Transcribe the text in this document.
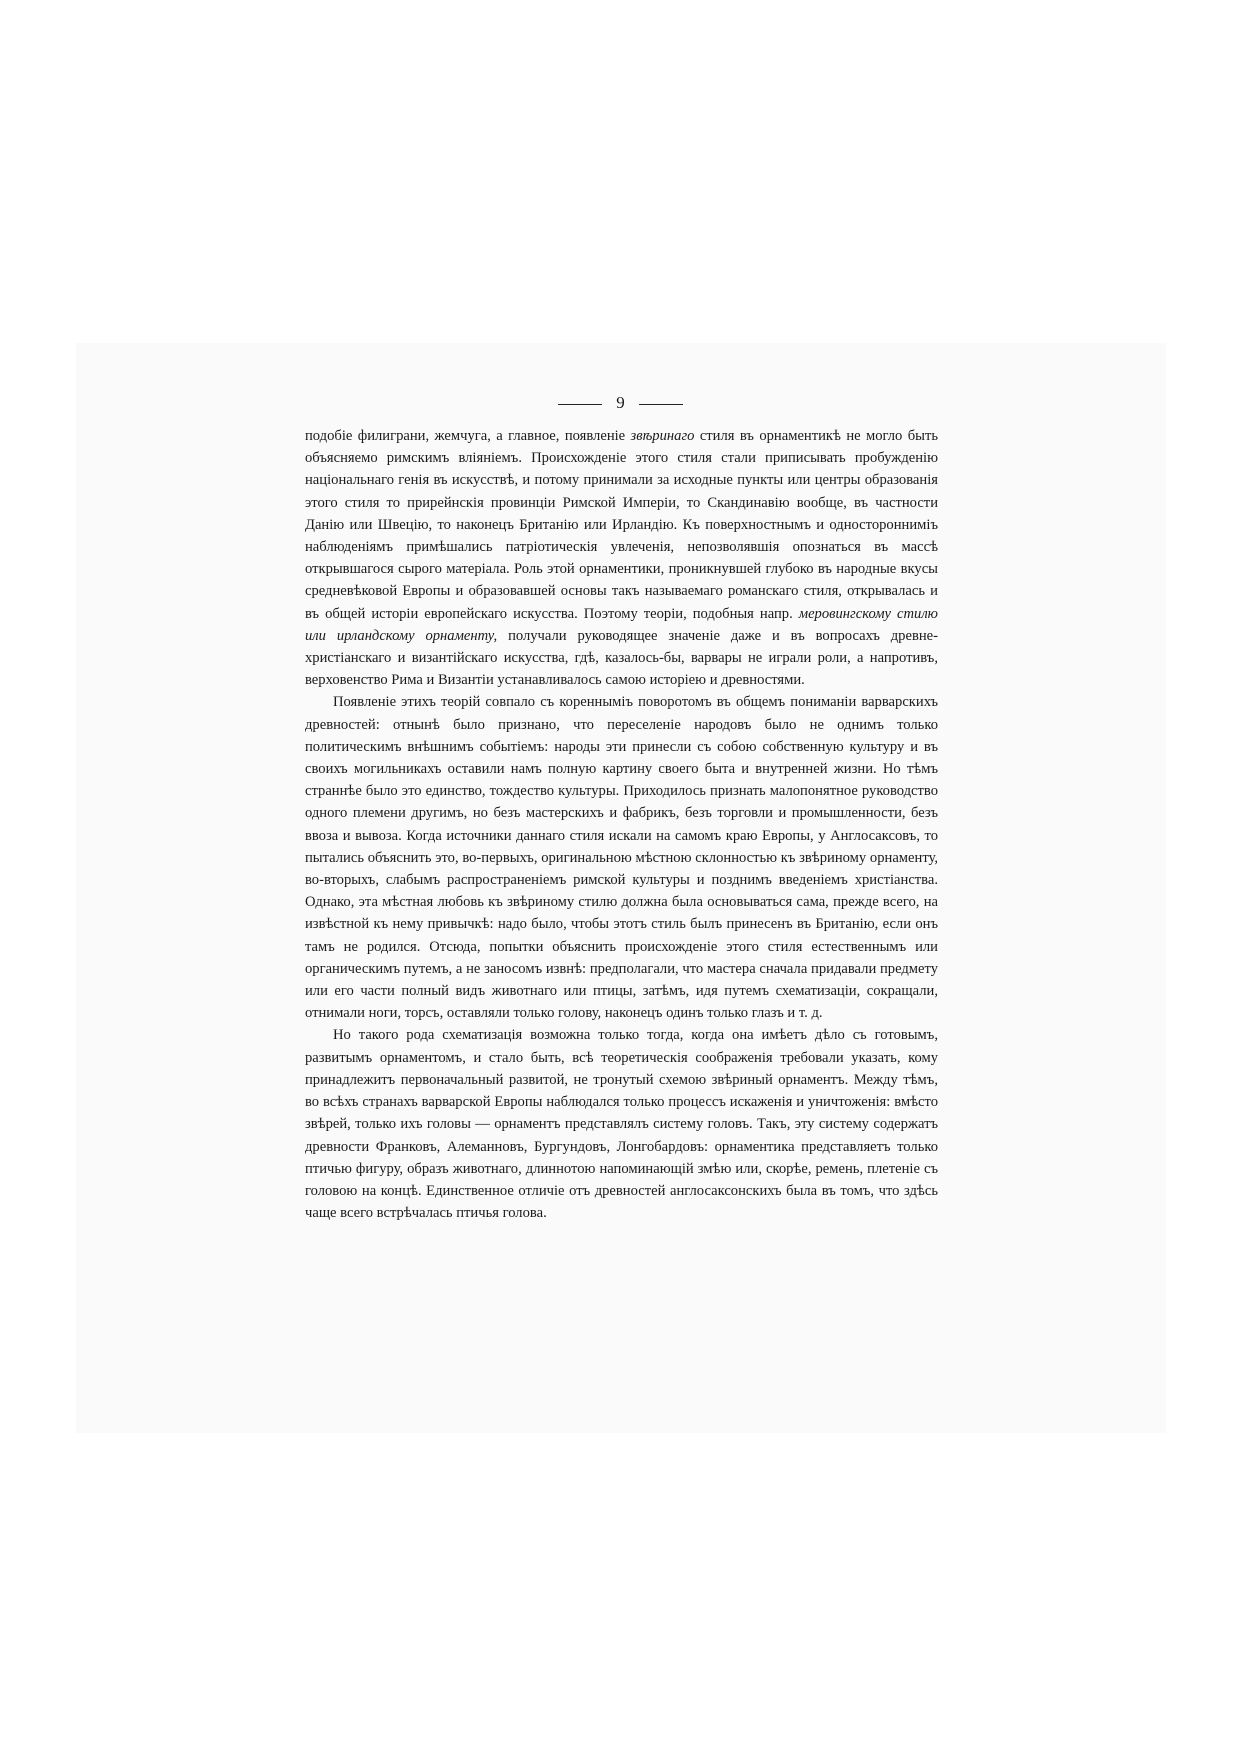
9

подобіе филиграни, жемчуга, а главное, появленіе звѣринаго стиля въ орнаментикѣ не могло быть объясняемо римскимъ вліяніемъ. Происхожденіе этого стиля стали приписывать пробужденію національнаго генія въ искусствѣ, и потому принимали за исходные пункты или центры образованія этого стиля то прирейнскія провинціи Римской Имперіи, то Скандинавію вообще, въ частности Данію или Швецію, то наконецъ Британію или Ирландію. Къ поверхностнымъ и односторонниміъ наблюденіямъ примѣшались патріотическія увлеченія, непозволявшія опознаться въ массѣ открывшагося сырого матеріала. Роль этой орнаментики, проникнувшей глубоко въ народные вкусы средневѣковой Европы и образовавшей основы такъ называемаго романскаго стиля, открывалась и въ общей исторіи европейскаго искусства. Поэтому теоріи, подобныя напр. меровингскому стилю или ирландскому орнаменту, получали руководящее значеніе даже и въ вопросахъ древне-христіанскаго и византійскаго искусства, гдѣ, казалось-бы, варвары не играли роли, а напротивъ, верховенство Рима и Византіи устанавливалось самою исторіею и древностями.

Появленіе этихъ теорій совпало съ коренныміъ поворотомъ въ общемъ пониманіи варварскихъ древностей: отнынѣ было признано, что переселеніе народовъ было не однимъ только политическимъ внѣшнимъ событіемъ: народы эти принесли съ собою собственную культуру и въ своихъ могильникахъ оставили намъ полную картину своего быта и внутренней жизни. Но тѣмъ страннѣе было это единство, тождество культуры. Приходилось признать малопонятное руководство одного племени другимъ, но безъ мастерскихъ и фабрикъ, безъ торговли и промышленности, безъ ввоза и вывоза. Когда источники даннаго стиля искали на самомъ краю Европы, у Англосаксовъ, то пытались объяснить это, во-первыхъ, оригинальною мѣстною склонностью къ звѣриному орнаменту, во-вторыхъ, слабымъ распространеніемъ римской культуры и позднимъ введеніемъ христіанства. Однако, эта мѣстная любовь къ звѣриному стилю должна была основываться сама, прежде всего, на извѣстной къ нему привычкѣ: надо было, чтобы этотъ стиль былъ принесенъ въ Британію, если онъ тамъ не родился. Отсюда, попытки объяснить происхожденіе этого стиля естественнымъ или органическимъ путемъ, а не заносомъ извнѣ: предполагали, что мастера сначала придавали предмету или его части полный видъ животнаго или птицы, затѣмъ, идя путемъ схематизаціи, сокращали, отнимали ноги, торсъ, оставляли только голову, наконецъ одинъ только глазъ и т. д.

Но такого рода схематизація возможна только тогда, когда она имѣетъ дѣло съ готовымъ, развитымъ орнаментомъ, и стало быть, всѣ теоретическія соображенія требовали указать, кому принадлежитъ первоначальный развитой, не тронутый схемою звѣриный орнаментъ. Между тѣмъ, во всѣхъ странахъ варварской Европы наблюдался только процессъ искаженія и уничтоженія: вмѣсто звѣрей, только ихъ головы — орнаментъ представлялъ систему головъ. Такъ, эту систему содержатъ древности Франковъ, Алеманновъ, Бургундовъ, Лонгобардовъ: орнаментика представляетъ только птичью фигуру, образъ животнаго, длиннотою напоминающій змѣю или, скорѣе, ремень, плетеніе съ головою на концѣ. Единственное отличіе отъ древностей англосаксонскихъ была въ томъ, что здѣсь чаще всего встрѣчалась птичья голова.
